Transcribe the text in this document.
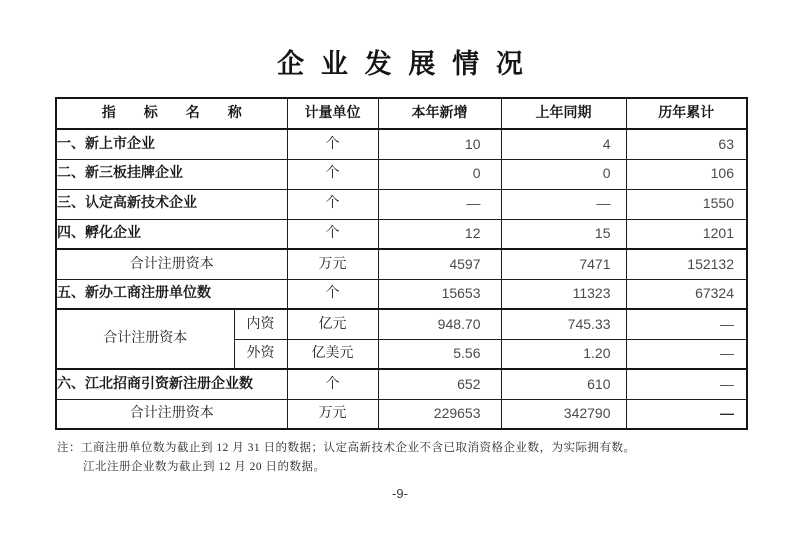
企业发展情况
指标名称		计量单位	本年新增	上年同期	历年累计
一、新上市企业		个	10	4	63
二、新三板挂牌企业		个	0	0	106
三、认定高新技术企业		个	—	—	1550
四、孵化企业		个	12	15	1201
合计注册资本		万元	4597	7471	152132
五、新办工商注册单位数		个	15653	11323	67324
合计注册资本	内资	亿元	948.70	745.33	—
	外资	亿美元	5.56	1.20	—
六、江北招商引资新注册企业数		个	652	610	—
合计注册资本		万元	229653	342790	—
注：工商注册单位数为截止到 12 月 31 日的数据；认定高新技术企业不含已取消资格企业数，为实际拥有数。
江北注册企业数为截止到 12 月 20 日的数据。
-9-
